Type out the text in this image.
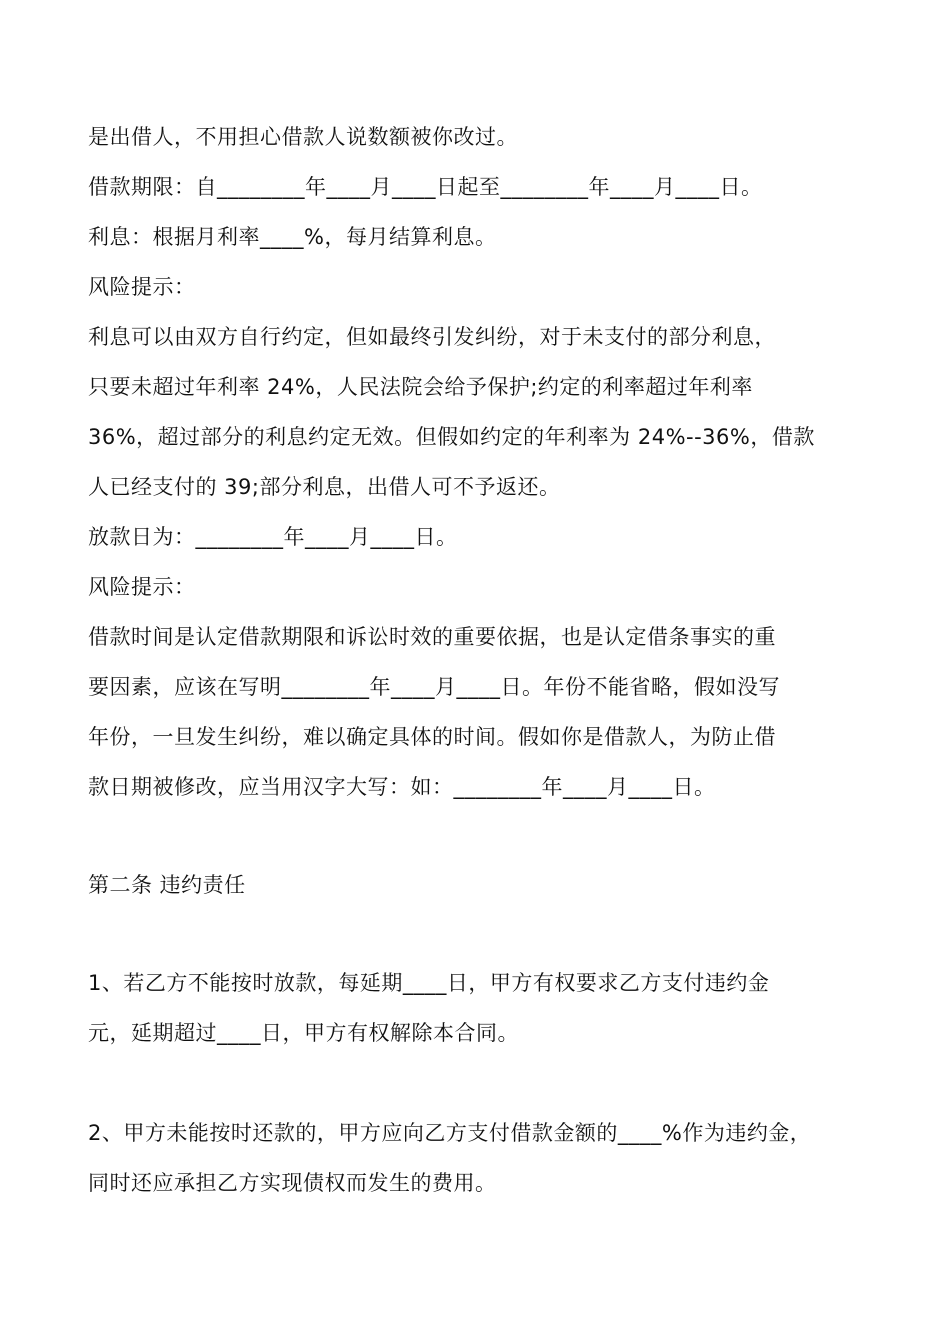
是出借人，不用担心借款人说数额被你改过。
借款期限：自________年____月____日起至________年____月____日。
利息：根据月利率____%，每月结算利息。
风险提示：
利息可以由双方自行约定，但如最终引发纠纷，对于未支付的部分利息，
只要未超过年利率 24%，人民法院会给予保护;约定的利率超过年利率
36%，超过部分的利息约定无效。但假如约定的年利率为 24%--36%，借款
人已经支付的 39;部分利息，出借人可不予返还。
放款日为：________年____月____日。
风险提示：
借款时间是认定借款期限和诉讼时效的重要依据，也是认定借条事实的重
要因素，应该在写明________年____月____日。年份不能省略，假如没写
年份，一旦发生纠纷，难以确定具体的时间。假如你是借款人，为防止借
款日期被修改，应当用汉字大写：如：________年____月____日。
第二条 违约责任
1、若乙方不能按时放款，每延期____日，甲方有权要求乙方支付违约金
元，延期超过____日，甲方有权解除本合同。
2、甲方未能按时还款的，甲方应向乙方支付借款金额的____%作为违约金，
同时还应承担乙方实现债权而发生的费用。
